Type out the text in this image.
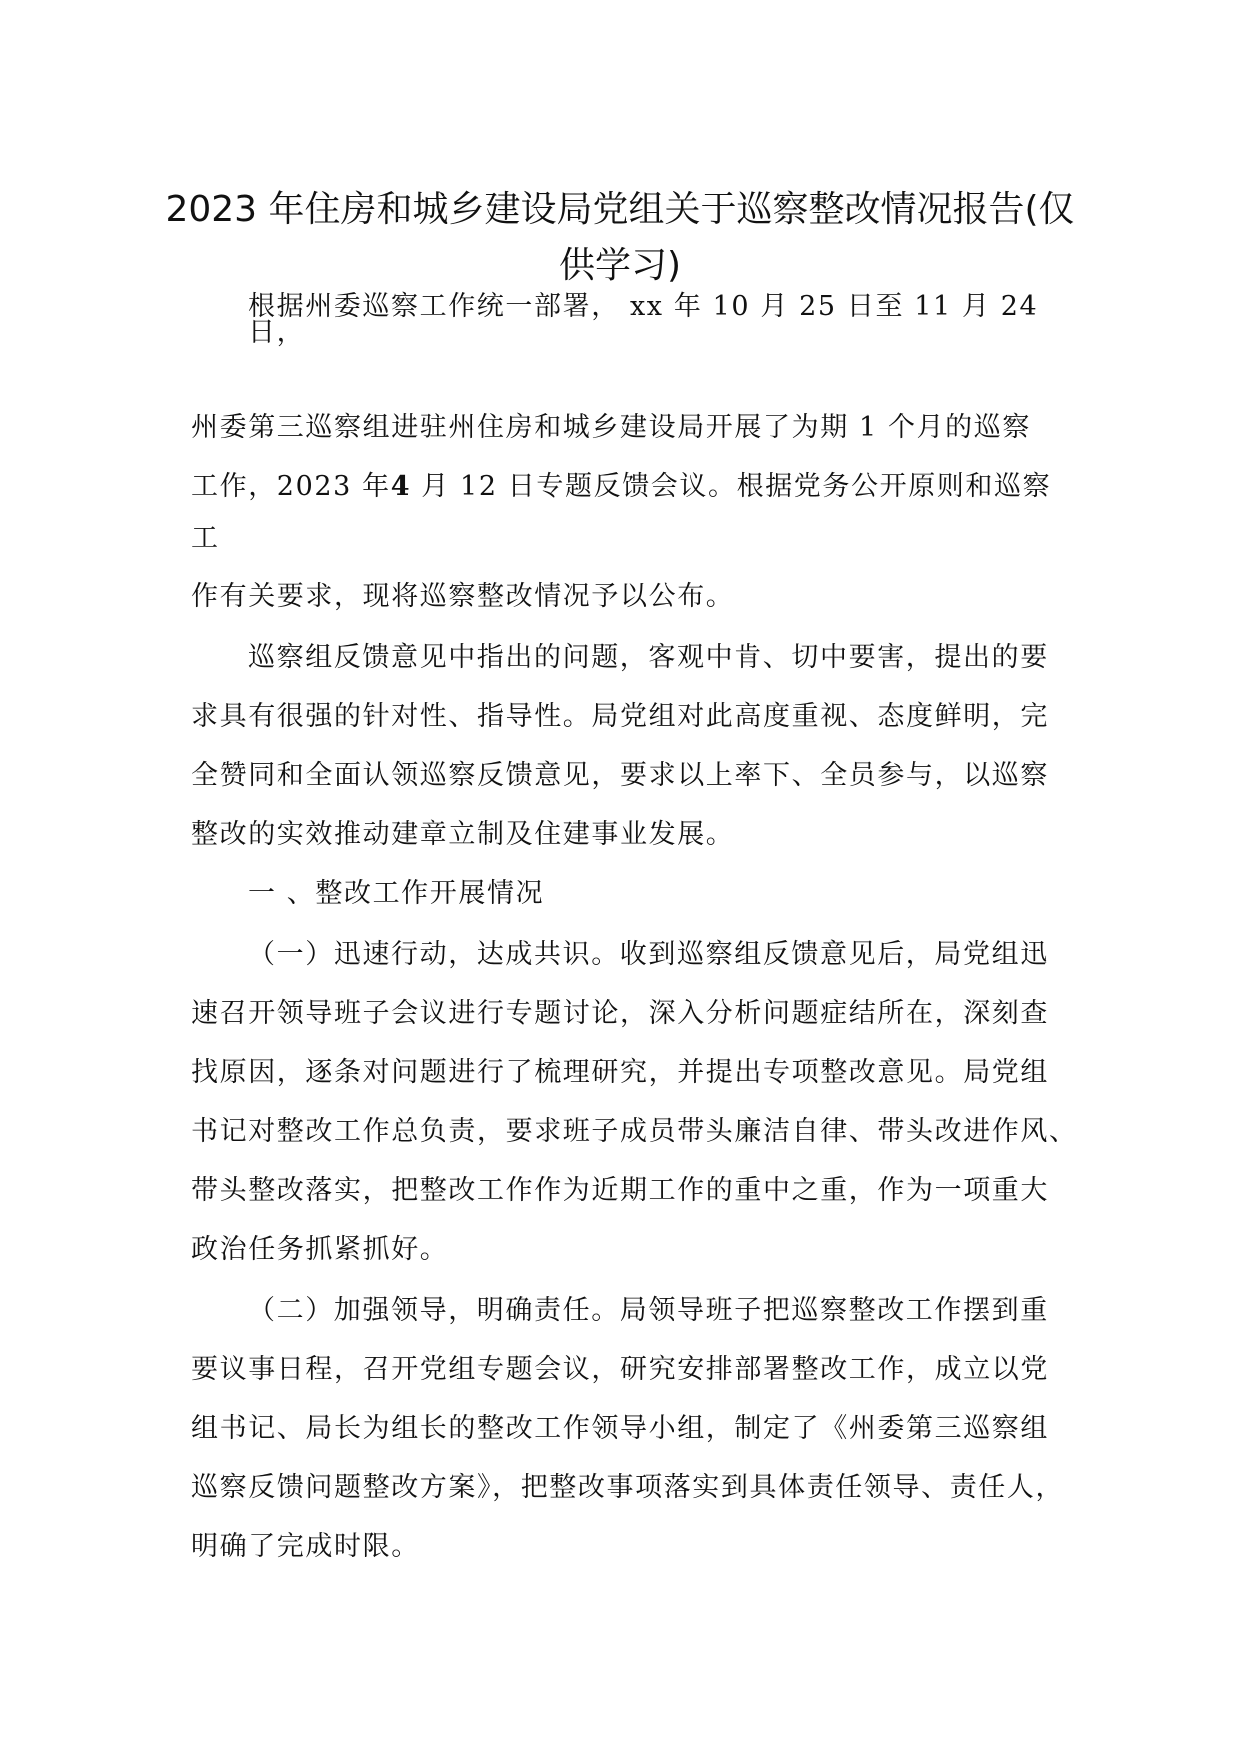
2023 年住房和城乡建设局党组关于巡察整改情况报告(仅
供学习)
根据州委巡察工作统一部署， xx 年 10 月 25 日至 11 月 24
日，
州委第三巡察组进驻州住房和城乡建设局开展了为期 1 个月的巡察
工作，2023 年4 月 12 日专题反馈会议。根据党务公开原则和巡察
工
作有关要求，现将巡察整改情况予以公布。
巡察组反馈意见中指出的问题，客观中肯、切中要害，提出的要
求具有很强的针对性、指导性。局党组对此高度重视、态度鲜明，完
全赞同和全面认领巡察反馈意见，要求以上率下、全员参与，以巡察
整改的实效推动建章立制及住建事业发展。
一 、整改工作开展情况
（一）迅速行动，达成共识。收到巡察组反馈意见后，局党组迅
速召开领导班子会议进行专题讨论，深入分析问题症结所在，深刻查
找原因，逐条对问题进行了梳理研究，并提出专项整改意见。局党组
书记对整改工作总负责，要求班子成员带头廉洁自律、带头改进作风、
带头整改落实，把整改工作作为近期工作的重中之重，作为一项重大
政治任务抓紧抓好。
（二）加强领导，明确责任。局领导班子把巡察整改工作摆到重
要议事日程，召开党组专题会议，研究安排部署整改工作，成立以党
组书记、局长为组长的整改工作领导小组，制定了《州委第三巡察组
巡察反馈问题整改方案》，把整改事项落实到具体责任领导、责任人，
明确了完成时限。
